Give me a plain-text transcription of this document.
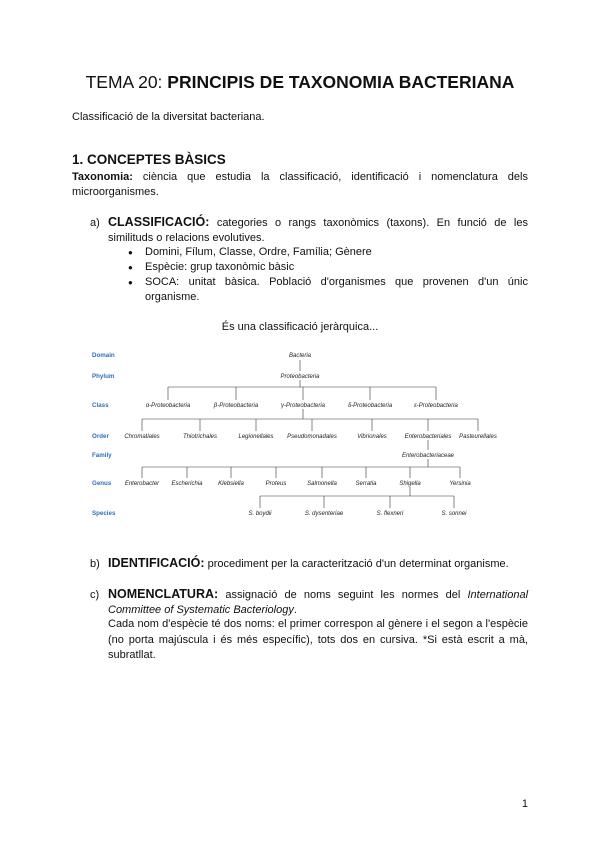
TEMA 20: PRINCIPIS DE TAXONOMIA BACTERIANA
Classificació de la diversitat bacteriana.
1. CONCEPTES BÀSICS
Taxonomia: ciència que estudia la classificació, identificació i nomenclatura dels microorganismes.
a) CLASSIFICACIÓ: categories o rangs taxonòmics (taxons). En funció de les similituds o relacions evolutives.
● Domini, Fílum, Classe, Ordre, Família; Gènere
● Espècie: grup taxonòmic bàsic
● SOCA: unitat bàsica. Població d'organismes que provenen d'un únic organisme.
És una classificació jeràrquica...
Domain
Phylum
Class
Order
Family
Genus
Species
Bacteria
Proteobacteria
α-Proteobacteria	β-Proteobacteria	γ-Proteobacteria	δ-Proteobacteria	ε-Proteobacteria
Chromatiales	Thiotrichales	Legionellales Pseudomonadales	Vibrionales	Enterobacteriales Pasteurellales
Enterobacteriaceae
Enterobacter Escherichia	Klebsiella	Proteus	Salmonella	Serratia	Shigella	Yersinia
S. boydii	S. dysenteriae	S. flexneri	S. sonnei
b) IDENTIFICACIÓ: procediment per la caracterització d'un determinat organisme.
c) NOMENCLATURA: assignació de noms seguint les normes del International Committee of Systematic Bacteriology.
Cada nom d'espècie té dos noms: el primer correspon al gènere i el segon a l'espècie (no porta majúscula i és més específic), tots dos en cursiva. *Si està escrit a mà, subratllat.
1
